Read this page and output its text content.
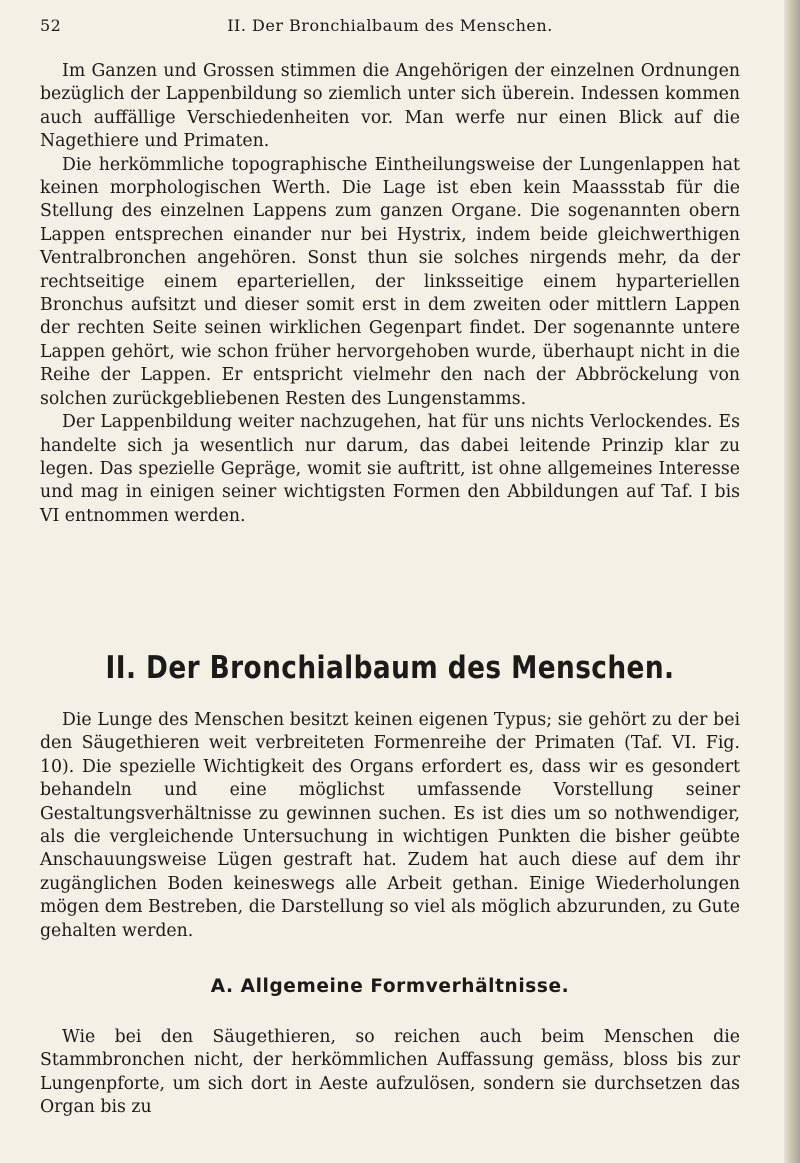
52	II. Der Bronchialbaum des Menschen.

Im Ganzen und Grossen stimmen die Angehörigen der einzelnen Ordnungen bezüglich der Lappenbildung so ziemlich unter sich überein. Indessen kommen auch auffällige Verschiedenheiten vor. Man werfe nur einen Blick auf die Nagethiere und Primaten.

Die herkömmliche topographische Eintheilungsweise der Lungenlappen hat keinen morphologischen Werth. Die Lage ist eben kein Maassstab für die Stellung des einzelnen Lappens zum ganzen Organe. Die sogenannten obern Lappen entsprechen einander nur bei Hystrix, indem beide gleichwerthigen Ventralbronchen angehören. Sonst thun sie solches nirgends mehr, da der rechtseitige einem eparteriellen, der linksseitige einem hyparteriellen Bronchus aufsitzt und dieser somit erst in dem zweiten oder mittlern Lappen der rechten Seite seinen wirklichen Gegenpart findet. Der sogenannte untere Lappen gehört, wie schon früher hervorgehoben wurde, überhaupt nicht in die Reihe der Lappen. Er entspricht vielmehr den nach der Abbröckelung von solchen zurückgebliebenen Resten des Lungenstamms.

Der Lappenbildung weiter nachzugehen, hat für uns nichts Verlockendes. Es handelte sich ja wesentlich nur darum, das dabei leitende Prinzip klar zu legen. Das spezielle Gepräge, womit sie auftritt, ist ohne allgemeines Interesse und mag in einigen seiner wichtigsten Formen den Abbildungen auf Taf. I bis VI entnommen werden.

II. Der Bronchialbaum des Menschen.

Die Lunge des Menschen besitzt keinen eigenen Typus; sie gehört zu der bei den Säugethieren weit verbreiteten Formenreihe der Primaten (Taf. VI. Fig. 10). Die spezielle Wichtigkeit des Organs erfordert es, dass wir es gesondert behandeln und eine möglichst umfassende Vorstellung seiner Gestaltungsverhältnisse zu gewinnen suchen. Es ist dies um so nothwendiger, als die vergleichende Untersuchung in wichtigen Punkten die bisher geübte Anschauungsweise Lügen gestraft hat. Zudem hat auch diese auf dem ihr zugänglichen Boden keineswegs alle Arbeit gethan. Einige Wiederholungen mögen dem Bestreben, die Darstellung so viel als möglich abzurunden, zu Gute gehalten werden.

A. Allgemeine Formverhältnisse.

Wie bei den Säugethieren, so reichen auch beim Menschen die Stammbronchen nicht, der herkömmlichen Auffassung gemäss, bloss bis zur Lungenpforte, um sich dort in Aeste aufzulösen, sondern sie durchsetzen das Organ bis zu
